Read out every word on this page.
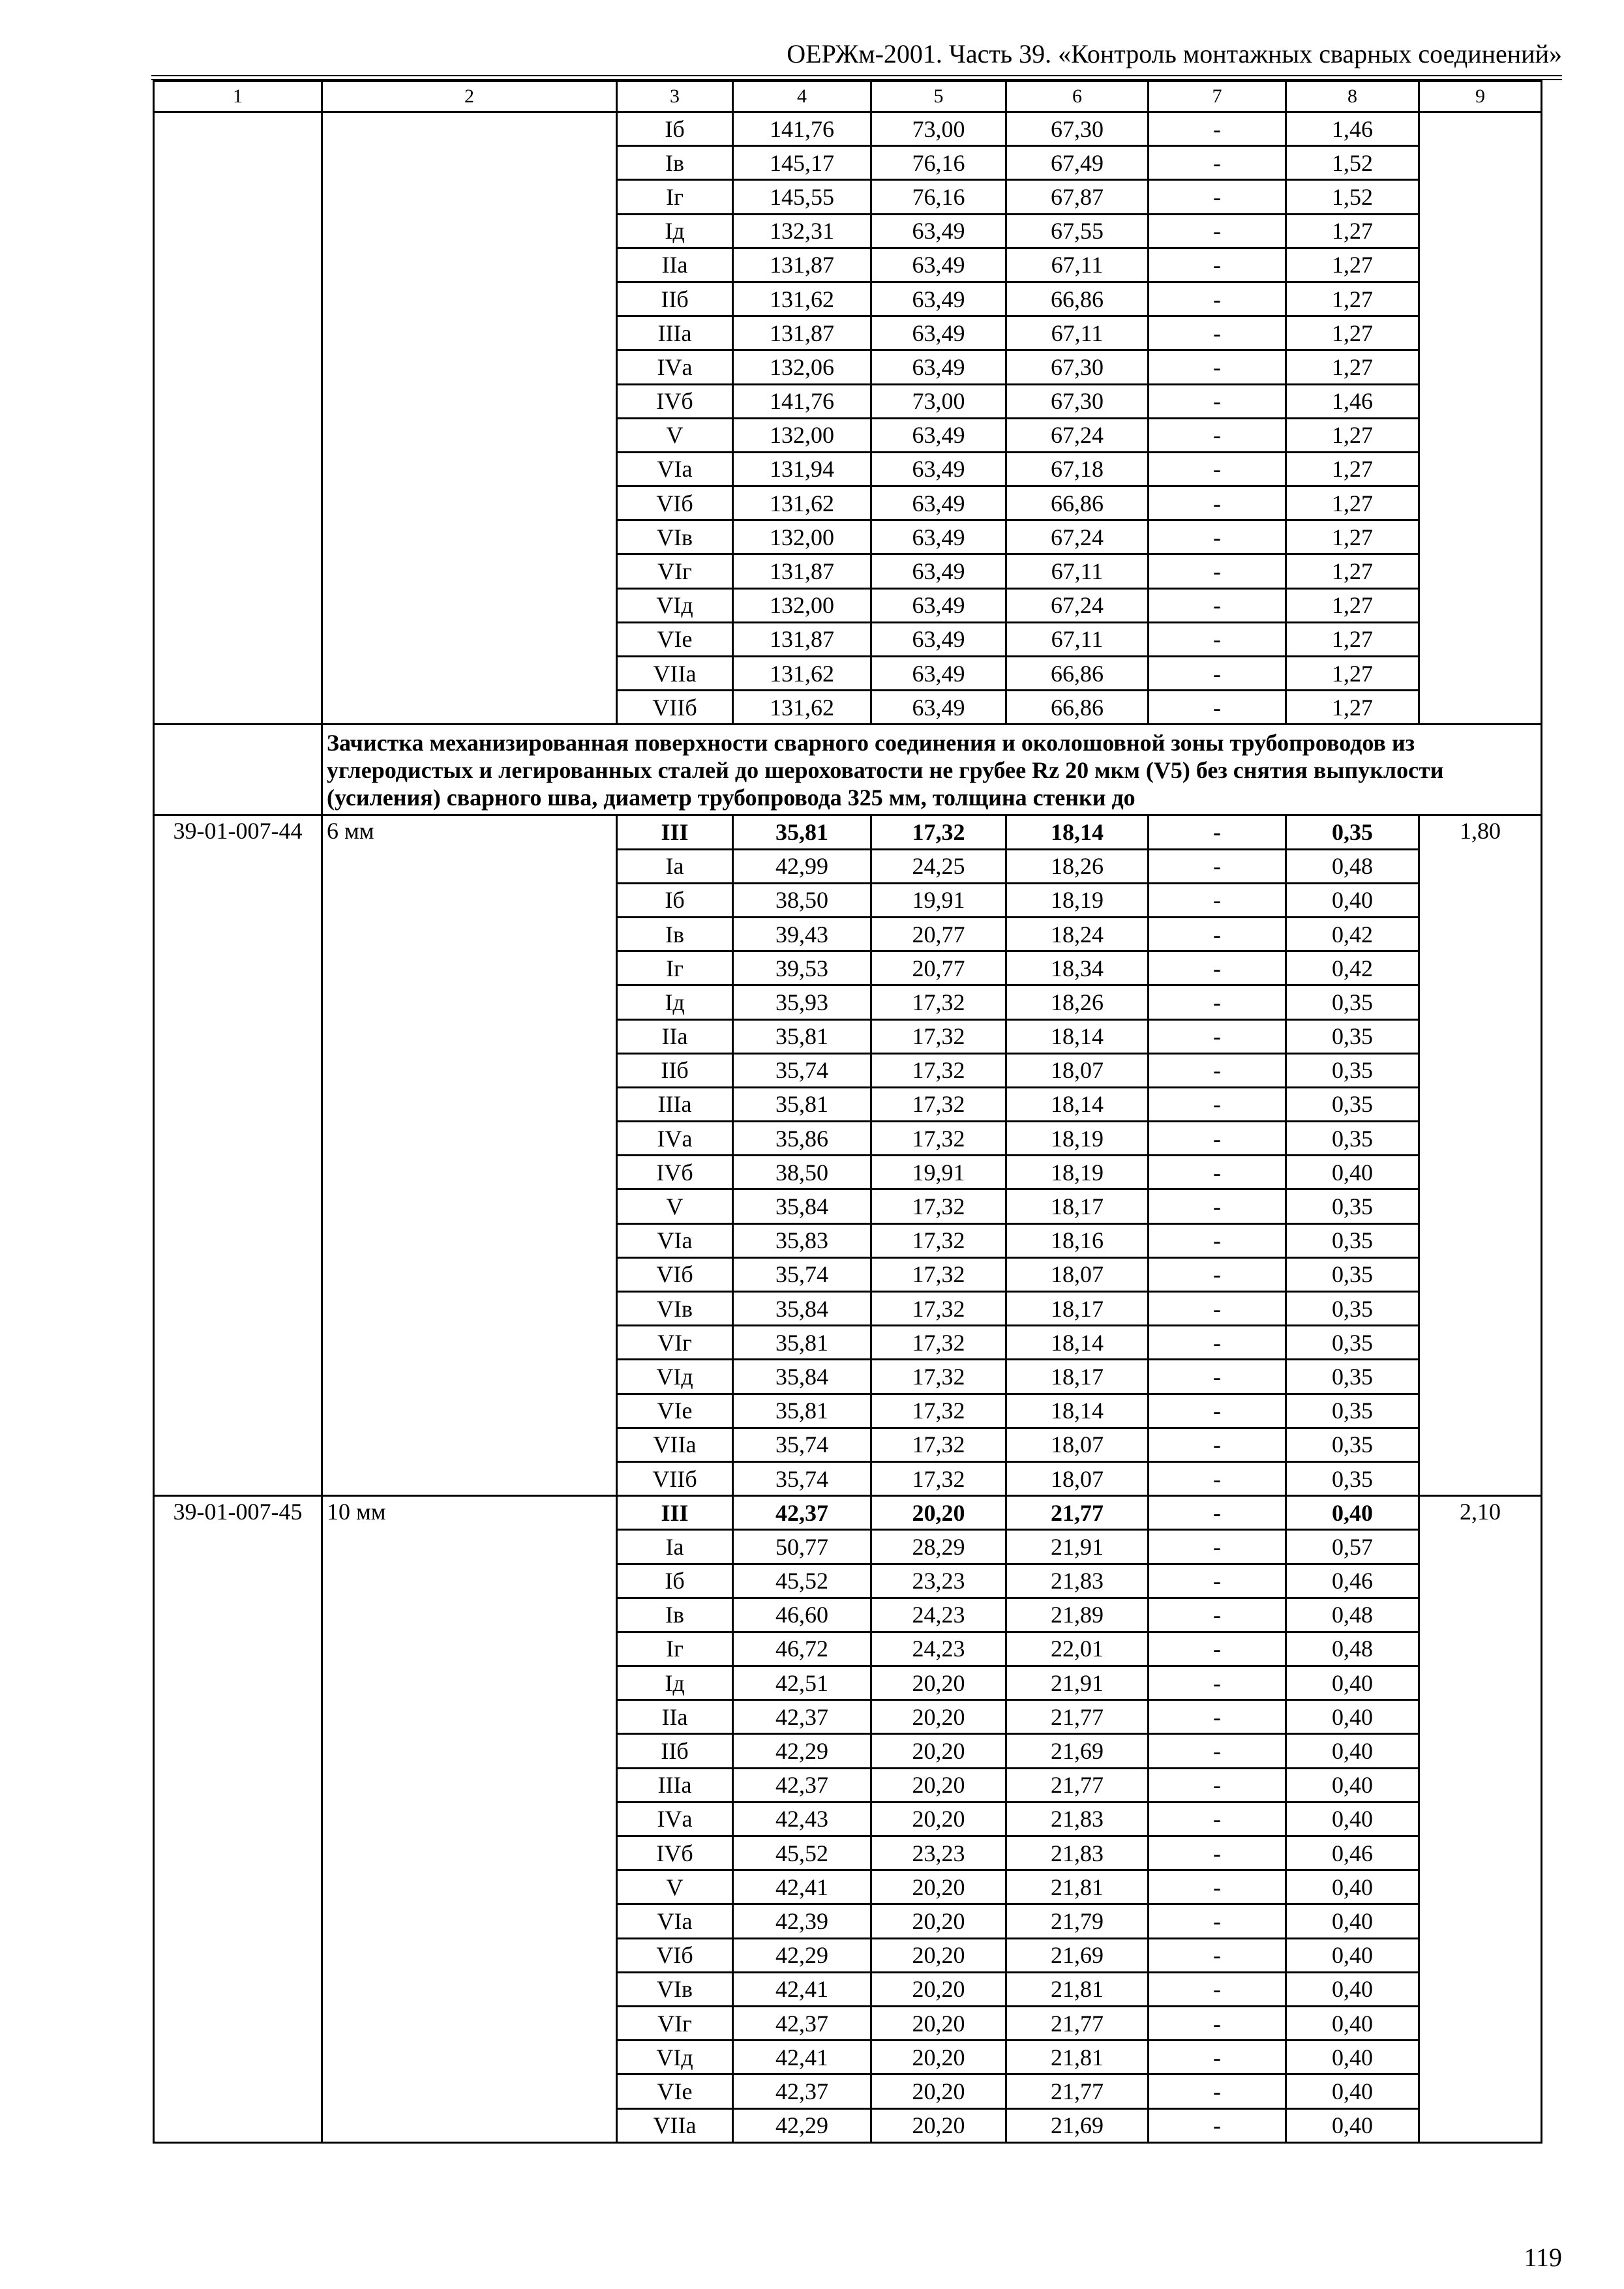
ОЕРЖм-2001. Часть 39. «Контроль монтажных сварных соединений»
1	2	3	4	5	6	7	8	9
		Iб	141,76	73,00	67,30	-	1,46	
		Iв	145,17	76,16	67,49	-	1,52	
		Iг	145,55	76,16	67,87	-	1,52	
		Iд	132,31	63,49	67,55	-	1,27	
		IIа	131,87	63,49	67,11	-	1,27	
		IIб	131,62	63,49	66,86	-	1,27	
		IIIа	131,87	63,49	67,11	-	1,27	
		IVа	132,06	63,49	67,30	-	1,27	
		IVб	141,76	73,00	67,30	-	1,46	
		V	132,00	63,49	67,24	-	1,27	
		VIа	131,94	63,49	67,18	-	1,27	
		VIб	131,62	63,49	66,86	-	1,27	
		VIв	132,00	63,49	67,24	-	1,27	
		VIг	131,87	63,49	67,11	-	1,27	
		VIд	132,00	63,49	67,24	-	1,27	
		VIе	131,87	63,49	67,11	-	1,27	
		VIIа	131,62	63,49	66,86	-	1,27	
		VIIб	131,62	63,49	66,86	-	1,27	
	Зачистка механизированная поверхности сварного соединения и околошовной зоны трубопроводов из углеродистых и легированных сталей до шероховатости не грубее Rz 20 мкм (V5) без снятия выпуклости (усиления) сварного шва, диаметр трубопровода 325 мм, толщина стенки до							
39-01-007-44	6 мм	III	35,81	17,32	18,14	-	0,35	1,80
		Iа	42,99	24,25	18,26	-	0,48	
		Iб	38,50	19,91	18,19	-	0,40	
		Iв	39,43	20,77	18,24	-	0,42	
		Iг	39,53	20,77	18,34	-	0,42	
		Iд	35,93	17,32	18,26	-	0,35	
		IIа	35,81	17,32	18,14	-	0,35	
		IIб	35,74	17,32	18,07	-	0,35	
		IIIа	35,81	17,32	18,14	-	0,35	
		IVа	35,86	17,32	18,19	-	0,35	
		IVб	38,50	19,91	18,19	-	0,40	
		V	35,84	17,32	18,17	-	0,35	
		VIа	35,83	17,32	18,16	-	0,35	
		VIб	35,74	17,32	18,07	-	0,35	
		VIв	35,84	17,32	18,17	-	0,35	
		VIг	35,81	17,32	18,14	-	0,35	
		VIд	35,84	17,32	18,17	-	0,35	
		VIе	35,81	17,32	18,14	-	0,35	
		VIIа	35,74	17,32	18,07	-	0,35	
		VIIб	35,74	17,32	18,07	-	0,35	
39-01-007-45	10 мм	III	42,37	20,20	21,77	-	0,40	2,10
		Iа	50,77	28,29	21,91	-	0,57	
		Iб	45,52	23,23	21,83	-	0,46	
		Iв	46,60	24,23	21,89	-	0,48	
		Iг	46,72	24,23	22,01	-	0,48	
		Iд	42,51	20,20	21,91	-	0,40	
		IIа	42,37	20,20	21,77	-	0,40	
		IIб	42,29	20,20	21,69	-	0,40	
		IIIа	42,37	20,20	21,77	-	0,40	
		IVа	42,43	20,20	21,83	-	0,40	
		IVб	45,52	23,23	21,83	-	0,46	
		V	42,41	20,20	21,81	-	0,40	
		VIа	42,39	20,20	21,79	-	0,40	
		VIб	42,29	20,20	21,69	-	0,40	
		VIв	42,41	20,20	21,81	-	0,40	
		VIг	42,37	20,20	21,77	-	0,40	
		VIд	42,41	20,20	21,81	-	0,40	
		VIе	42,37	20,20	21,77	-	0,40	
		VIIа	42,29	20,20	21,69	-	0,40	
119
